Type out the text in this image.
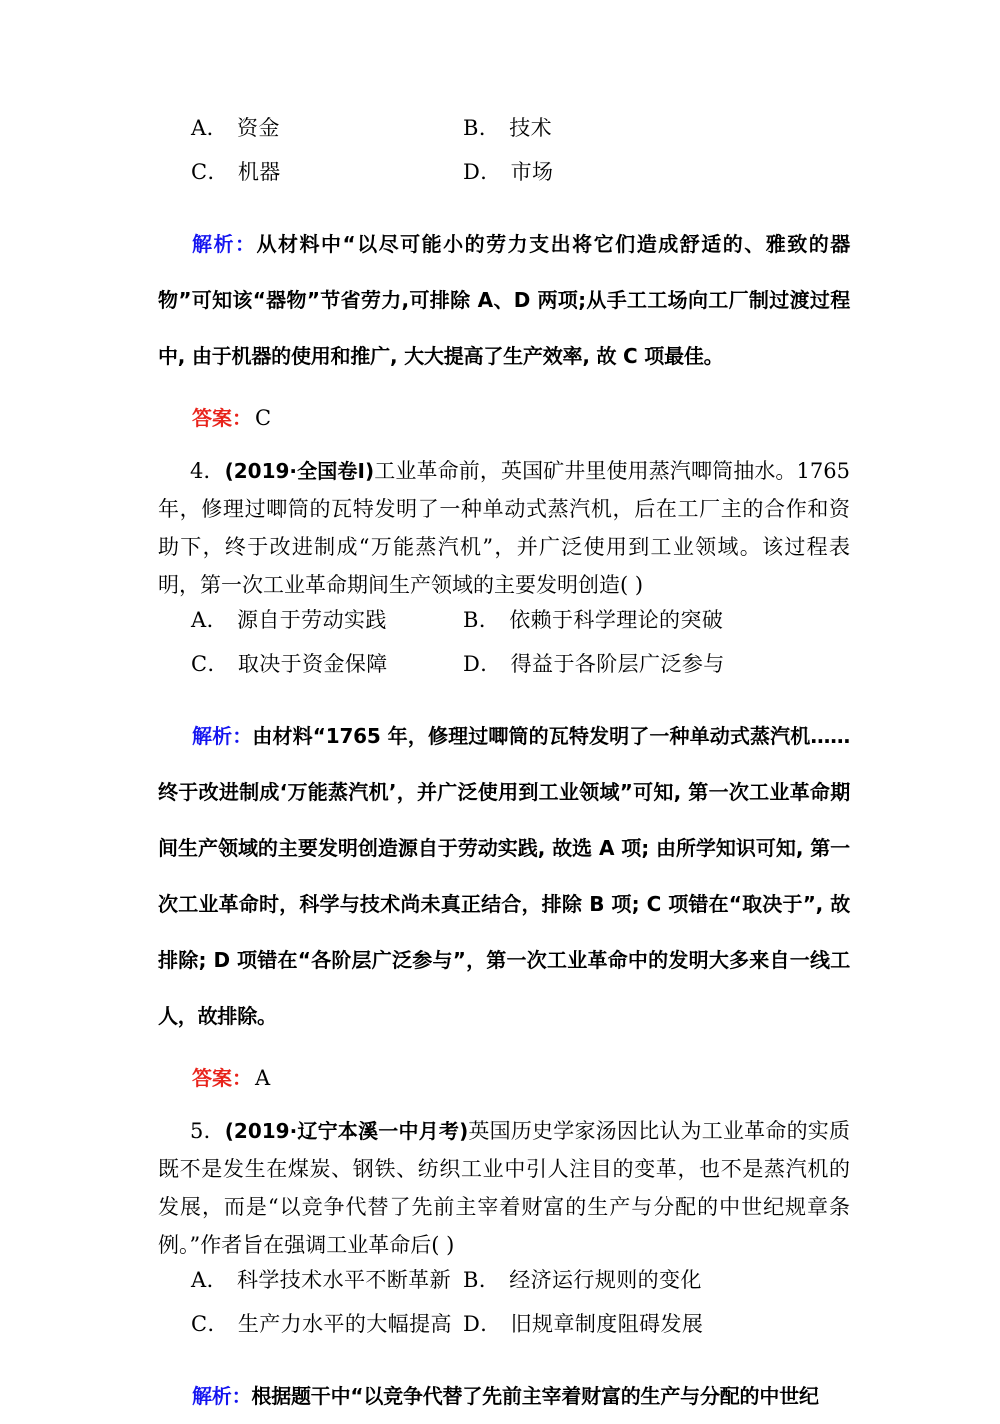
A． 资金	B． 技术
C． 机器	D． 市场

解析：从材料中“以尽可能小的劳力支出将它们造成舒适的、雅致的器物”可知该“器物”节省劳力,可排除 A、D 两项;从手工工场向工厂制过渡过程中, 由于机器的使用和推广, 大大提高了生产效率, 故 C 项最佳。

答案： C

4．(2019·全国卷Ⅰ)工业革命前，英国矿井里使用蒸汽唧筒抽水。1765 年，修理过唧筒的瓦特发明了一种单动式蒸汽机，后在工厂主的合作和资助下，终于改进制成“万能蒸汽机”，并广泛使用到工业领域。该过程表明，第一次工业革命期间生产领域的主要发明创造( )

A． 源自于劳动实践	B． 依赖于科学理论的突破
C． 取决于资金保障	D． 得益于各阶层广泛参与

解析：由材料“1765 年，修理过唧筒的瓦特发明了一种单动式蒸汽机……终于改进制成‘万能蒸汽机’，并广泛使用到工业领域”可知, 第一次工业革命期间生产领域的主要发明创造源自于劳动实践, 故选 A 项; 由所学知识可知, 第一次工业革命时，科学与技术尚未真正结合，排除 B 项; C 项错在“取决于”, 故排除; D 项错在“各阶层广泛参与”，第一次工业革命中的发明大多来自一线工人，故排除。

答案： A

5．(2019·辽宁本溪一中月考)英国历史学家汤因比认为工业革命的实质既不是发生在煤炭、钢铁、纺织工业中引人注目的变革，也不是蒸汽机的发展，而是“以竞争代替了先前主宰着财富的生产与分配的中世纪规章条例。”作者旨在强调工业革命后( )

A． 科学技术水平不断革新 B． 经济运行规则的变化
C． 生产力水平的大幅提高 D． 旧规章制度阻碍发展

解析：根据题干中“以竞争代替了先前主宰着财富的生产与分配的中世纪
